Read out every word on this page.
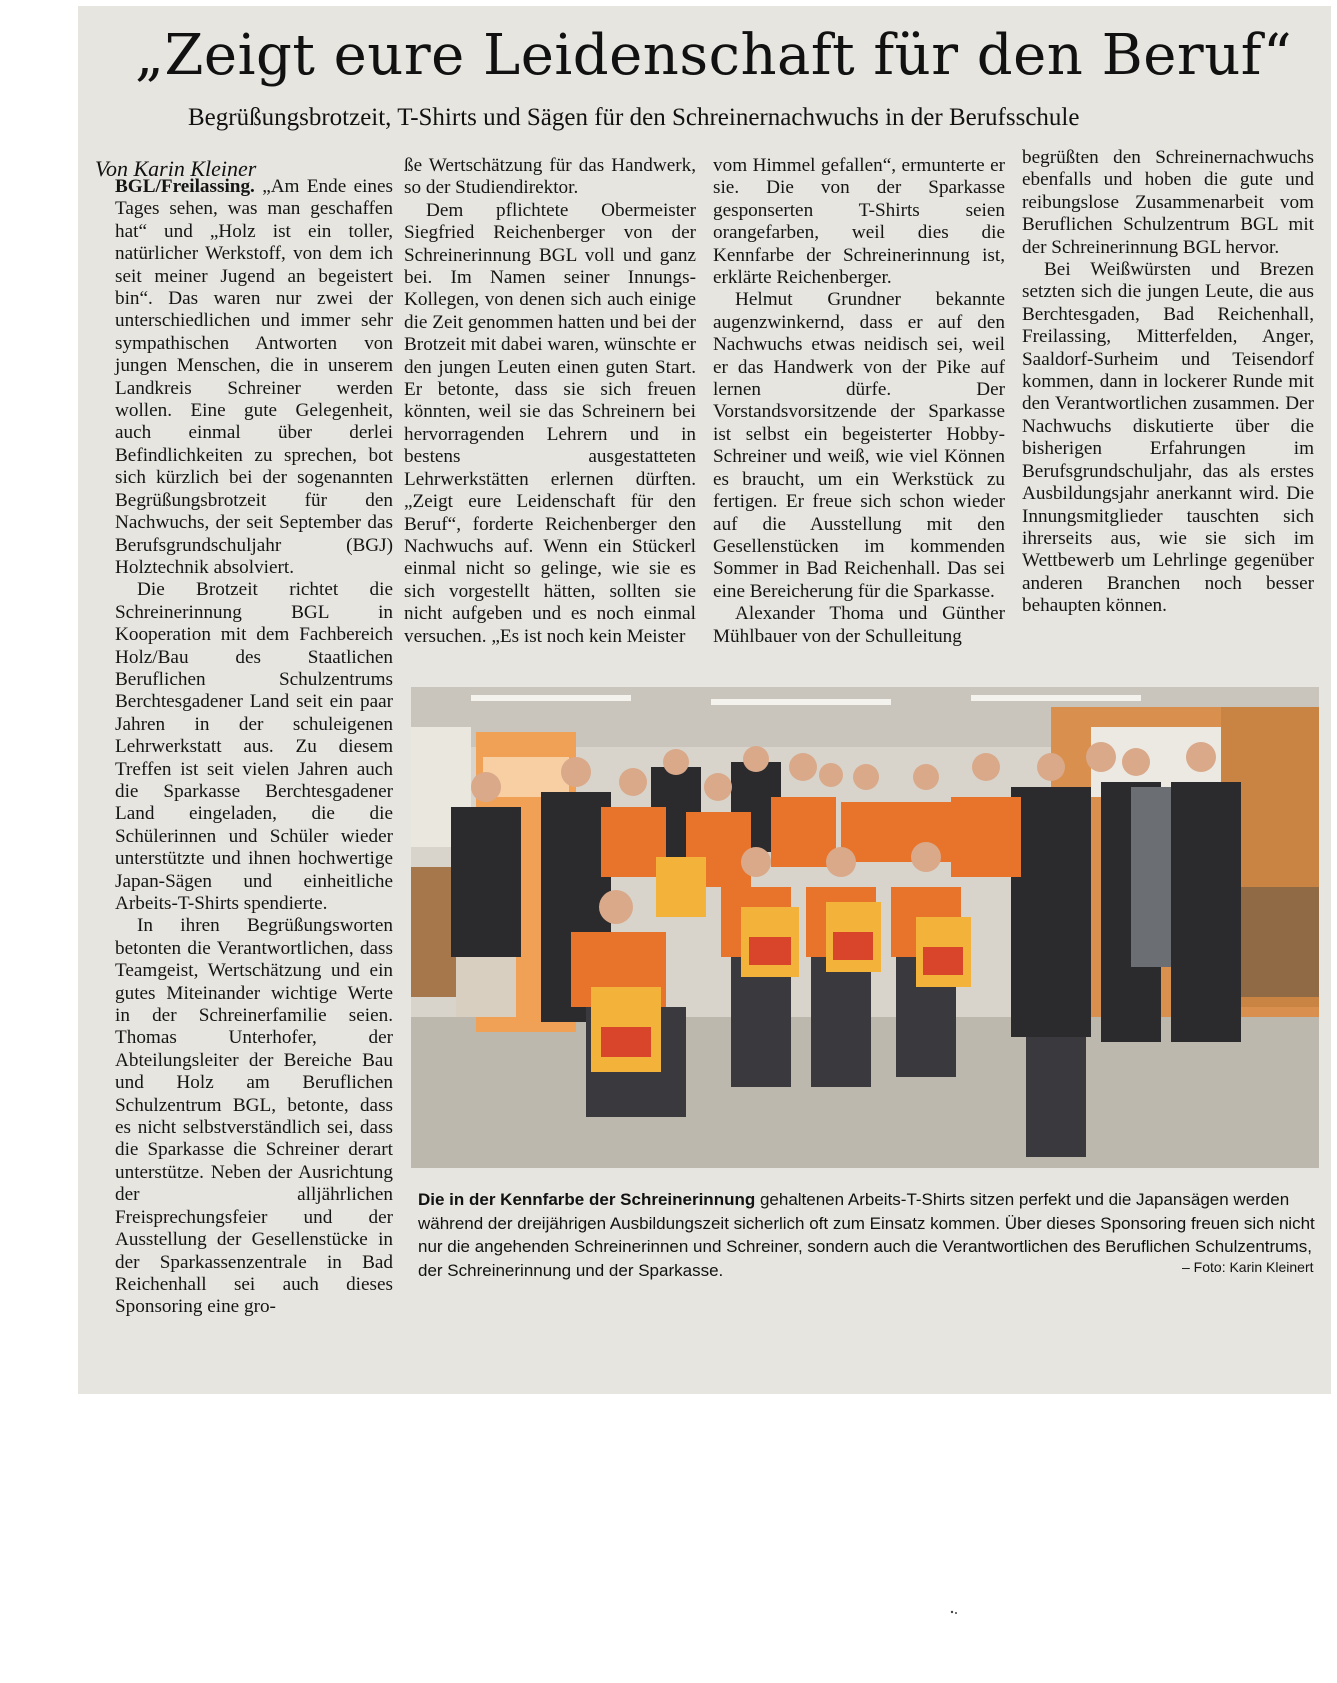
„Zeigt eure Leidenschaft für den Beruf“
Begrüßungsbrotzeit, T-Shirts und Sägen für den Schreinernachwuchs in der Berufsschule

Von Karin Kleiner

BGL/Freilassing. „Am Ende eines Tages sehen, was man geschaffen hat“ und „Holz ist ein toller, natürlicher Werkstoff, von dem ich seit meiner Jugend an begeistert bin“. Das waren nur zwei der unterschiedlichen und immer sehr sympathischen Antworten von jungen Menschen, die in unserem Landkreis Schreiner werden wollen. Eine gute Gelegenheit, auch einmal über derlei Befindlichkeiten zu sprechen, bot sich kürzlich bei der sogenannten Begrüßungsbrotzeit für den Nachwuchs, der seit September das Berufsgrundschuljahr (BGJ) Holztechnik absolviert.

Die Brotzeit richtet die Schreinerinnung BGL in Kooperation mit dem Fachbereich Holz/Bau des Staatlichen Beruflichen Schulzentrums Berchtesgadener Land seit ein paar Jahren in der schuleigenen Lehrwerkstatt aus. Zu diesem Treffen ist seit vielen Jahren auch die Sparkasse Berchtesgadener Land eingeladen, die die Schülerinnen und Schüler wieder unterstützte und ihnen hochwertige Japan-Sägen und einheitliche Arbeits-T-Shirts spendierte.

In ihren Begrüßungsworten betonten die Verantwortlichen, dass Teamgeist, Wertschätzung und ein gutes Miteinander wichtige Werte in der Schreinerfamilie seien. Thomas Unterhofer, der Abteilungsleiter der Bereiche Bau und Holz am Beruflichen Schulzentrum BGL, betonte, dass es nicht selbstverständlich sei, dass die Sparkasse die Schreiner derart unterstütze. Neben der Ausrichtung der alljährlichen Freisprechungsfeier und der Ausstellung der Gesellenstücke in der Sparkassenzentrale in Bad Reichenhall sei auch dieses Sponsoring eine gro-

ße Wertschätzung für das Handwerk, so der Studiendirektor.

Dem pflichtete Obermeister Siegfried Reichenberger von der Schreinerinnung BGL voll und ganz bei. Im Namen seiner Innungs-Kollegen, von denen sich auch einige die Zeit genommen hatten und bei der Brotzeit mit dabei waren, wünschte er den jungen Leuten einen guten Start. Er betonte, dass sie sich freuen könnten, weil sie das Schreinern bei hervorragenden Lehrern und in bestens ausgestatteten Lehrwerkstätten erlernen dürften. „Zeigt eure Leidenschaft für den Beruf“, forderte Reichenberger den Nachwuchs auf. Wenn ein Stückerl einmal nicht so gelinge, wie sie es sich vorgestellt hätten, sollten sie nicht aufgeben und es noch einmal versuchen. „Es ist noch kein Meister

vom Himmel gefallen“, ermunterte er sie. Die von der Sparkasse gesponserten T-Shirts seien orangefarben, weil dies die Kennfarbe der Schreinerinnung ist, erklärte Reichenberger.

Helmut Grundner bekannte augenzwinkernd, dass er auf den Nachwuchs etwas neidisch sei, weil er das Handwerk von der Pike auf lernen dürfe. Der Vorstandsvorsitzende der Sparkasse ist selbst ein begeisterter Hobby-Schreiner und weiß, wie viel Können es braucht, um ein Werkstück zu fertigen. Er freue sich schon wieder auf die Ausstellung mit den Gesellenstücken im kommenden Sommer in Bad Reichenhall. Das sei eine Bereicherung für die Sparkasse.

Alexander Thoma und Günther Mühlbauer von der Schulleitung

begrüßten den Schreinernachwuchs ebenfalls und hoben die gute und reibungslose Zusammenarbeit vom Beruflichen Schulzentrum BGL mit der Schreinerinnung BGL hervor.

Bei Weißwürsten und Brezen setzten sich die jungen Leute, die aus Berchtesgaden, Bad Reichenhall, Freilassing, Mitterfelden, Anger, Saaldorf-Surheim und Teisendorf kommen, dann in lockerer Runde mit den Verantwortlichen zusammen. Der Nachwuchs diskutierte über die bisherigen Erfahrungen im Berufsgrundschuljahr, das als erstes Ausbildungsjahr anerkannt wird. Die Innungsmitglieder tauschten sich ihrerseits aus, wie sie sich im Wettbewerb um Lehrlinge gegenüber anderen Branchen noch besser behaupten können.

Die in der Kennfarbe der Schreinerinnung gehaltenen Arbeits-T-Shirts sitzen perfekt und die Japansägen werden während der dreijährigen Ausbildungszeit sicherlich oft zum Einsatz kommen. Über dieses Sponsoring freuen sich nicht nur die angehenden Schreinerinnen und Schreiner, sondern auch die Verantwortlichen des Beruflichen Schulzentrums, der Schreinerinnung und der Sparkasse.	– Foto: Karin Kleinert
